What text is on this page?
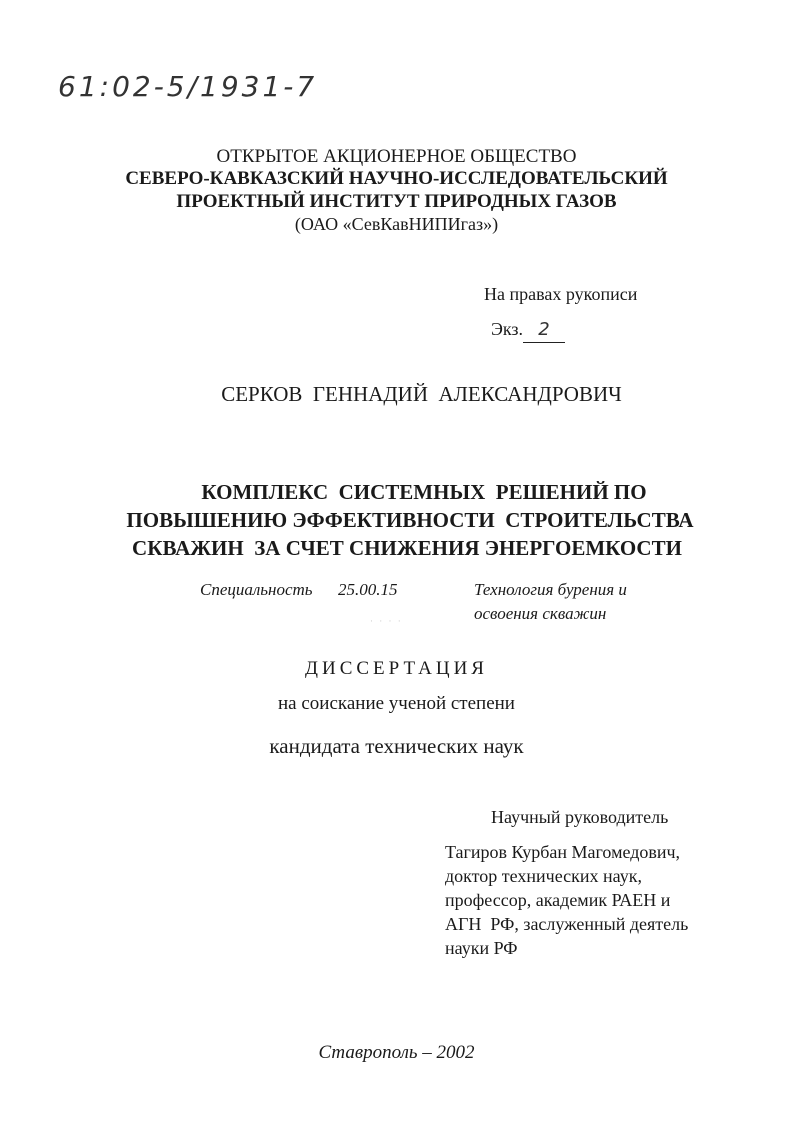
61:02-5/1931-7
ОТКРЫТОЕ АКЦИОНЕРНОЕ ОБЩЕСТВО
СЕВЕРО-КАВКАЗСКИЙ НАУЧНО-ИССЛЕДОВАТЕЛЬСКИЙ
ПРОЕКТНЫЙ ИНСТИТУТ ПРИРОДНЫХ ГАЗОВ
(ОАО «СевКавНИПИгаз»)
На правах рукописи
Экз. 2
СЕРКОВ  ГЕННАДИЙ  АЛЕКСАНДРОВИЧ
КОМПЛЕКС  СИСТЕМНЫХ  РЕШЕНИЙ ПО
ПОВЫШЕНИЮ ЭФФЕКТИВНОСТИ  СТРОИТЕЛЬСТВА
СКВАЖИН  ЗА СЧЕТ СНИЖЕНИЯ ЭНЕРГОЕМКОСТИ
Специальность 25.00.15	Технология бурения и
освоения скважин
· · · ·
ДИССЕРТАЦИЯ
на соискание ученой степени
кандидата технических наук
Научный руководитель
Тагиров Курбан Магомедович,
доктор технических наук,
профессор, академик РАЕН и
АГН  РФ, заслуженный деятель
науки РФ
Ставрополь – 2002
